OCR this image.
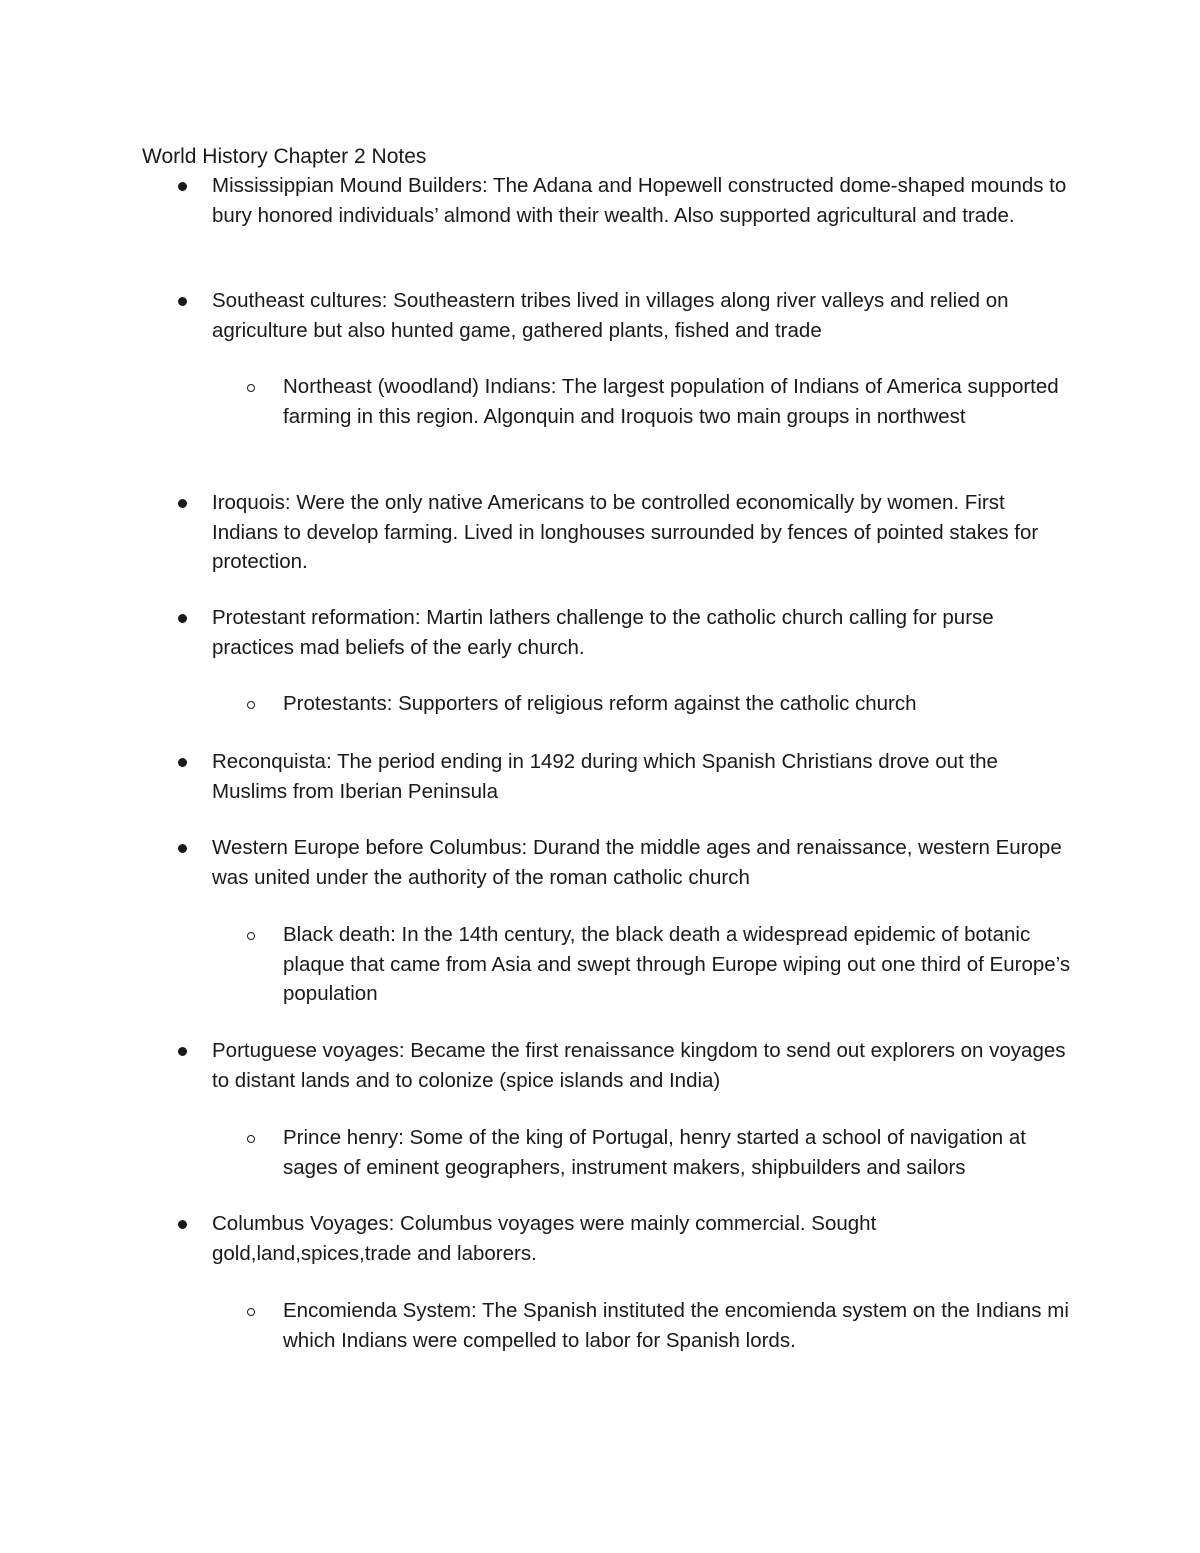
World History Chapter 2 Notes
Mississippian Mound Builders: The Adana and Hopewell constructed dome-shaped mounds to bury honored individuals’ almond with their wealth. Also supported agricultural and trade.
Southeast cultures: Southeastern tribes lived in villages along river valleys and relied on agriculture but also hunted game, gathered plants, fished and trade
Northeast (woodland) Indians: The largest population of Indians of America supported farming in this region. Algonquin and Iroquois two main groups in northwest
Iroquois: Were the only native Americans to be controlled economically by women. First Indians to develop farming. Lived in longhouses surrounded by fences of pointed stakes for protection.
Protestant reformation: Martin lathers challenge to the catholic church calling for purse practices mad beliefs of the early church.
Protestants: Supporters of religious reform against the catholic church
Reconquista: The period ending in 1492 during which Spanish Christians drove out the Muslims from Iberian Peninsula
Western Europe before Columbus: Durand the middle ages and renaissance, western Europe was united under the authority of the roman catholic church
Black death: In the 14th century, the black death a widespread epidemic of botanic plaque that came from Asia and swept through Europe wiping out one third of Europe’s population
Portuguese voyages: Became the first renaissance kingdom to send out explorers on voyages to distant lands and to colonize (spice islands and India)
Prince henry: Some of the king of Portugal, henry started a school of navigation at sages of eminent geographers, instrument makers, shipbuilders and sailors
Columbus Voyages: Columbus voyages were mainly commercial. Sought gold,land,spices,trade and laborers.
Encomienda System: The Spanish instituted the encomienda system on the Indians mi which Indians were compelled to labor for Spanish lords.
